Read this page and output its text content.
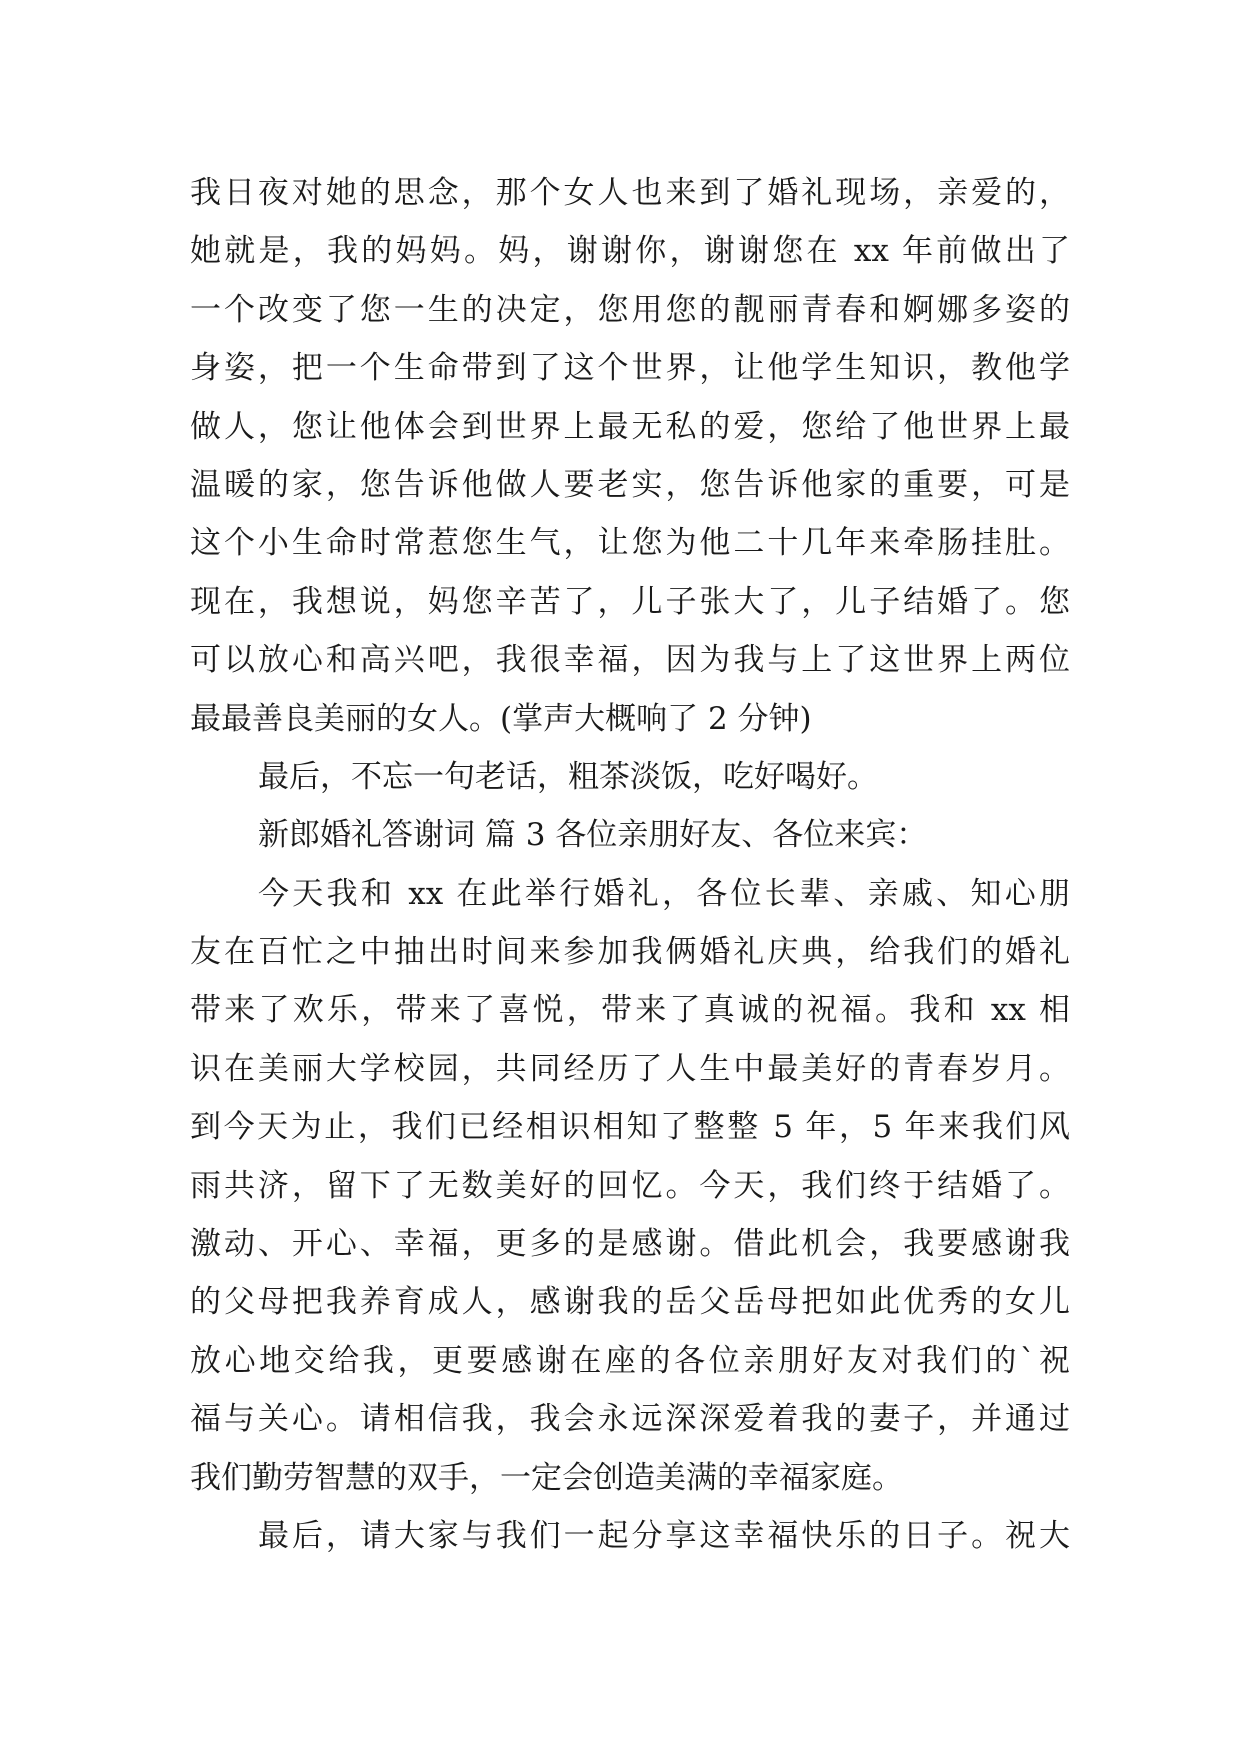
我日夜对她的思念，那个女人也来到了婚礼现场，亲爱的，
她就是，我的妈妈。妈，谢谢你，谢谢您在 xx 年前做出了
一个改变了您一生的决定，您用您的靓丽青春和婀娜多姿的
身姿，把一个生命带到了这个世界，让他学生知识，教他学
做人，您让他体会到世界上最无私的爱，您给了他世界上最
温暖的家，您告诉他做人要老实，您告诉他家的重要，可是
这个小生命时常惹您生气，让您为他二十几年来牵肠挂肚。
现在，我想说，妈您辛苦了，儿子张大了，儿子结婚了。您
可以放心和高兴吧，我很幸福，因为我与上了这世界上两位
最最善良美丽的女人。(掌声大概响了 2 分钟)
最后，不忘一句老话，粗茶淡饭，吃好喝好。
新郎婚礼答谢词 篇 3 各位亲朋好友、各位来宾：
今天我和 xx 在此举行婚礼，各位长辈、亲戚、知心朋
友在百忙之中抽出时间来参加我俩婚礼庆典，给我们的婚礼
带来了欢乐，带来了喜悦，带来了真诚的祝福。我和 xx 相
识在美丽大学校园，共同经历了人生中最美好的青春岁月。
到今天为止，我们已经相识相知了整整 5 年，5 年来我们风
雨共济，留下了无数美好的回忆。今天，我们终于结婚了。
激动、开心、幸福，更多的是感谢。借此机会，我要感谢我
的父母把我养育成人，感谢我的岳父岳母把如此优秀的女儿
放心地交给我，更要感谢在座的各位亲朋好友对我们的`祝
福与关心。请相信我，我会永远深深爱着我的妻子，并通过
我们勤劳智慧的双手，一定会创造美满的幸福家庭。
最后，请大家与我们一起分享这幸福快乐的日子。祝大
